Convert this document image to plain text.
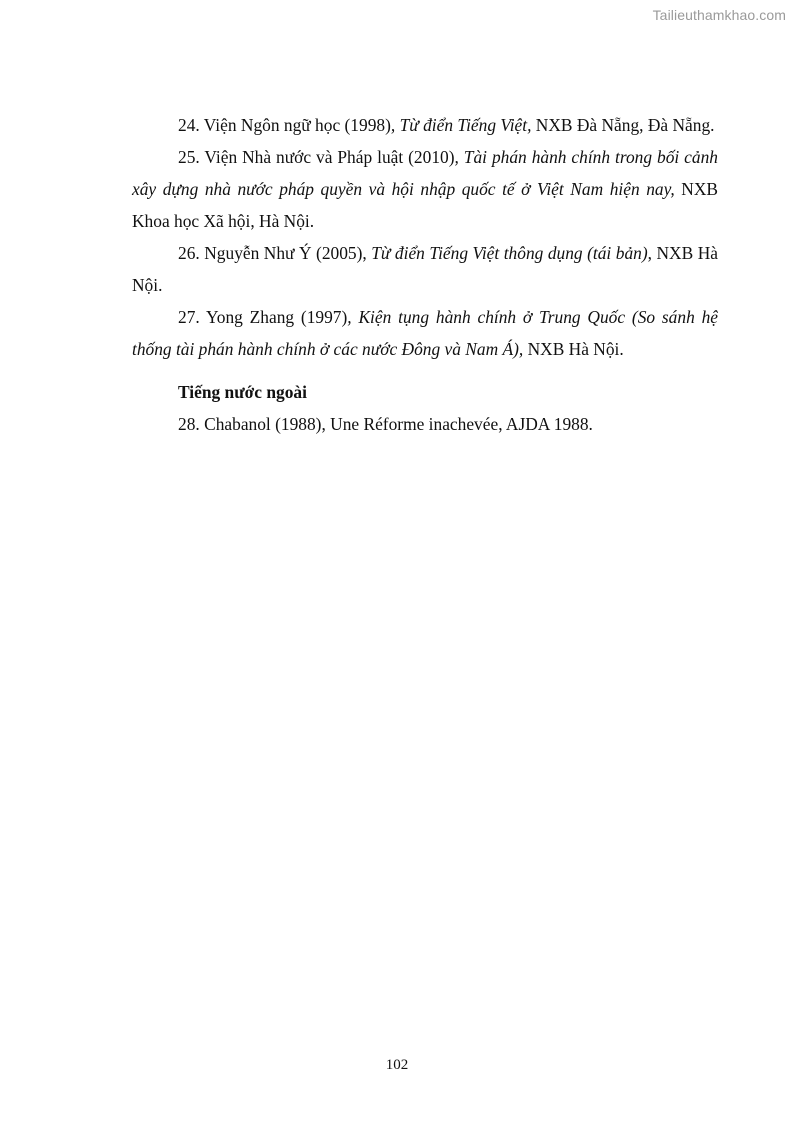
Tailieuthamkhao.com

24. Viện Ngôn ngữ học (1998), Từ điển Tiếng Việt, NXB Đà Nẵng, Đà Nẵng.

25. Viện Nhà nước và Pháp luật (2010), Tài phán hành chính trong bối cảnh xây dựng nhà nước pháp quyền và hội nhập quốc tế ở Việt Nam hiện nay, NXB Khoa học Xã hội, Hà Nội.

26. Nguyễn Như Ý (2005), Từ điển Tiếng Việt thông dụng (tái bản), NXB Hà Nội.

27. Yong Zhang (1997), Kiện tụng hành chính ở Trung Quốc (So sánh hệ thống tài phán hành chính ở các nước Đông và Nam Á), NXB Hà Nội.

Tiếng nước ngoài

28. Chabanol (1988), Une Réforme inachevée, AJDA 1988.

102
